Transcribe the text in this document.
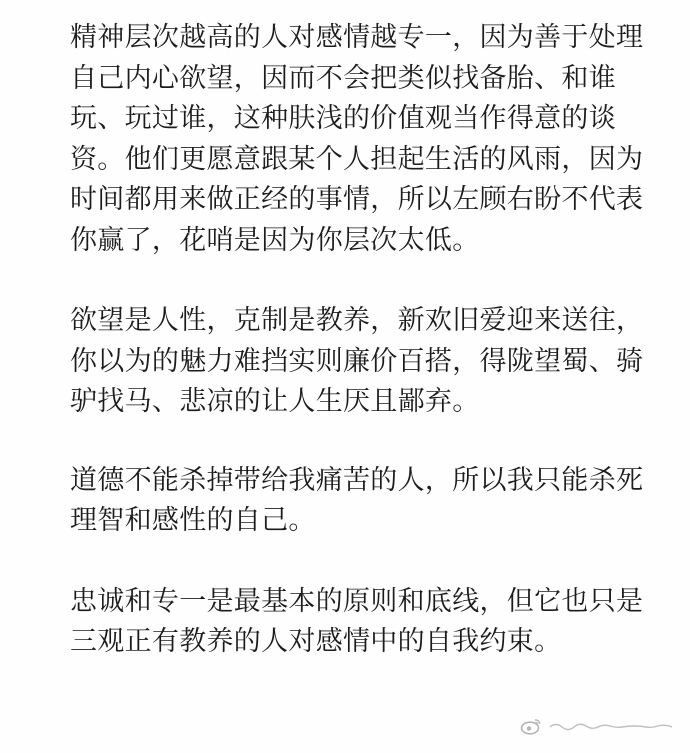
精神层次越高的人对感情越专一，因为善于处理自己内心欲望，因而不会把类似找备胎、和谁玩、玩过谁，这种肤浅的价值观当作得意的谈资。他们更愿意跟某个人担起生活的风雨，因为时间都用来做正经的事情，所以左顾右盼不代表你赢了，花哨是因为你层次太低。

欲望是人性，克制是教养，新欢旧爱迎来送往，你以为的魅力难挡实则廉价百搭，得陇望蜀、骑驴找马、悲凉的让人生厌且鄙弃。

道德不能杀掉带给我痛苦的人，所以我只能杀死理智和感性的自己。

忠诚和专一是最基本的原则和底线，但它也只是三观正有教养的人对感情中的自我约束。
